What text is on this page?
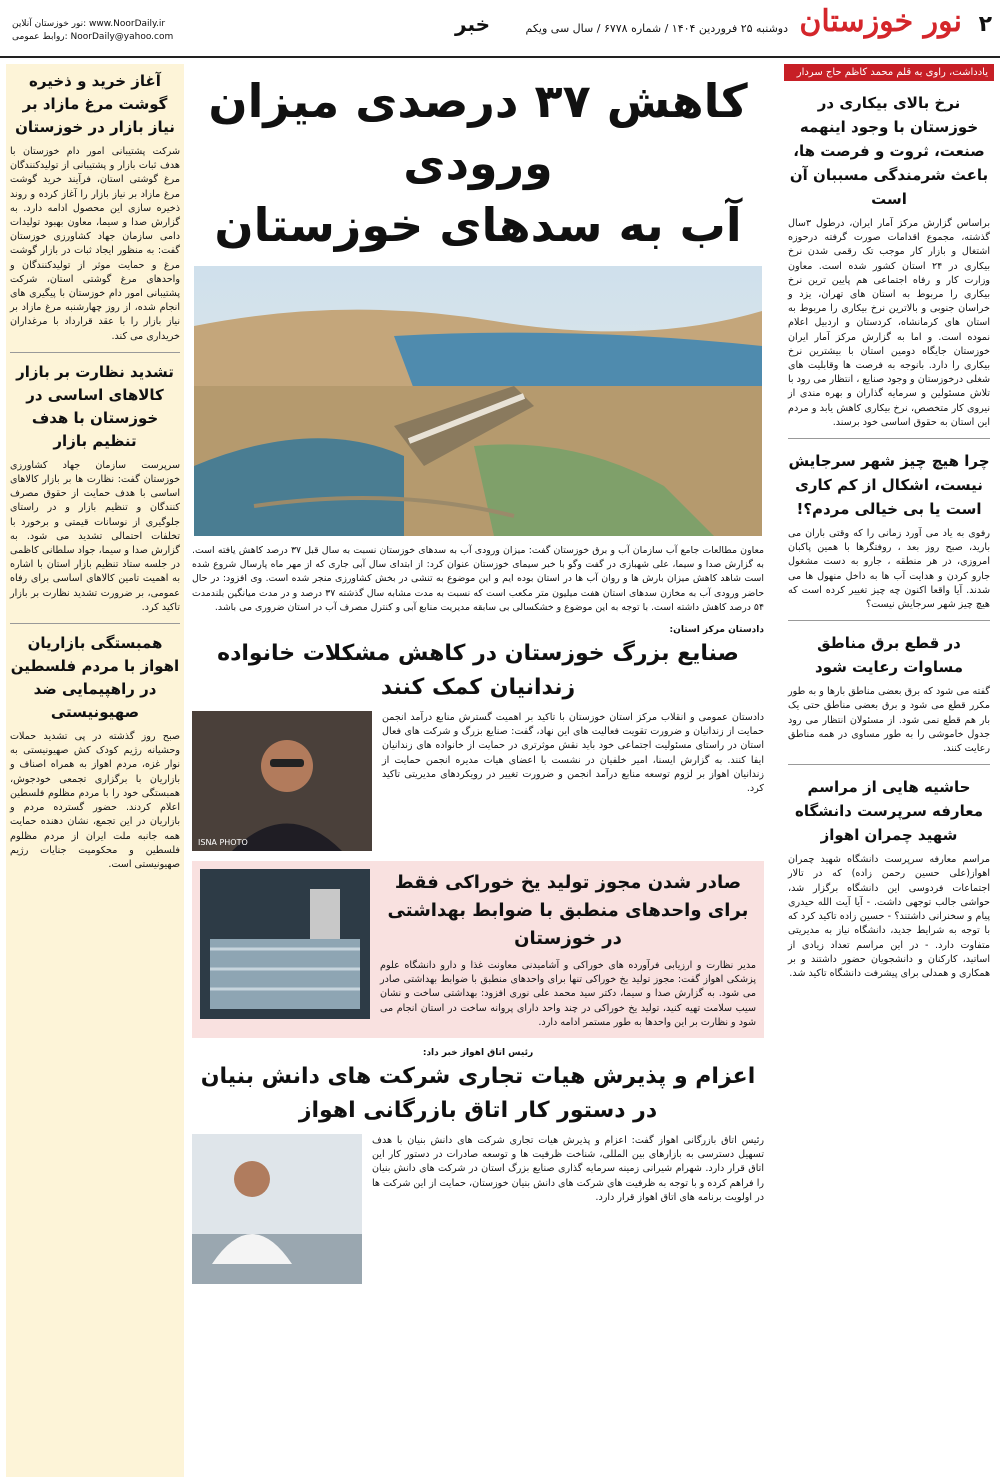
۲
نور خوزستان
دوشنبه ۲۵ فروردین ۱۴۰۴ / شماره ۶۷۷۸ / سال سی ویکم
خبر
نور خوزستان آنلاین: www.NoorDaily.ir
روابط عمومی: NoorDaily@yahoo.com
یادداشت، راوی به قلم محمد کاظم حاج سردار
نرخ بالای بیکاری در خوزستان با وجود اینهمه صنعت، ثروت و فرصت ها، باعث شرمندگی مسببان آن است
براساس گزارش مرکز آمار ایران، درطول ۳سال گذشته، مجموع اقدامات صورت گرفته درحوزه اشتغال و بازار کار موجب تک رقمی شدن نرخ بیکاری در ۲۴ استان کشور شده است. معاون وزارت کار و رفاه اجتماعی هم پایین ترین نرخ بیکاری را مربوط به استان های تهران، یزد و خراسان جنوبی و بالاترین نرخ بیکاری را مربوط به استان های کرمانشاه، کردستان و اردبیل اعلام نموده است. و اما به گزارش مرکز آمار ایران خوزستان جایگاه دومین استان با بیشترین نرخ بیکاری را دارد. بانوجه به فرصت ها وقابلیت های شغلی درخوزستان و وجود صنایع ، انتظار می رود با تلاش مسئولین و سرمایه گذاران و بهره مندی از نیروی کار متخصص، نرخ بیکاری کاهش یابد و مردم این استان به حقوق اساسی خود برسند.
چرا هیچ چیز شهر سرجایش نیست، اشکال از کم کاری است یا بی خیالی مردم؟!
رفوی به یاد می آورد زمانی را که وقتی باران می بارید، صبح روز بعد ، روفتگرها با همین پاکبان امروزی، در هر منطقه ، جارو به دست مشغول جارو کردن و هدایت آب ها به داخل منهول ها می شدند. آیا واقعا اکنون چه چیز تغییر کرده است که هیچ چیز شهر سرجایش نیست؟
در قطع برق مناطق مساوات رعایت شود
گفته می شود که برق بعضی مناطق بارها و به طور مکرر قطع می شود و برق بعضی مناطق حتی یک بار هم قطع نمی شود. از مسئولان انتظار می رود جدول خاموشی را به طور مساوی در همه مناطق رعایت کنند.
حاشیه هایی از مراسم معارفه سرپرست دانشگاه شهید چمران اهواز
مراسم معارفه سرپرست دانشگاه شهید چمران اهواز(علی حسین رحمن زاده) که در تالار اجتماعات فردوسی این دانشگاه برگزار شد، حواشی جالب توجهی داشت. - آیا آیت الله حیدری پیام و سخنرانی داشتند؟ - حسین زاده تاکید کرد که با توجه به شرایط جدید، دانشگاه نیاز به مدیریتی متفاوت دارد. - در این مراسم تعداد زیادی از اساتید، کارکنان و دانشجویان حضور داشتند و بر همکاری و همدلی برای پیشرفت دانشگاه تاکید شد.
آغاز خرید و ذخیره گوشت مرغ مازاد بر نیاز بازار در خوزستان
شرکت پشتیبانی امور دام خوزستان با هدف ثبات بازار و پشتیبانی از تولیدکنندگان مرغ گوشتی استان، فرآیند خرید گوشت مرغ مازاد بر نیاز بازار را آغاز کرده و روند ذخیره سازی این محصول ادامه دارد. به گزارش صدا و سیما، معاون بهبود تولیدات دامی سازمان جهاد کشاورزی خوزستان گفت: به منظور ایجاد ثبات در بازار گوشت مرغ و حمایت موثر از تولیدکنندگان و واحدهای مرغ گوشتی استان، شرکت پشتیبانی امور دام خوزستان با پیگیری های انجام شده، از روز چهارشنبه مرغ مازاد بر نیاز بازار را با عقد قرارداد با مرغداران خریداری می کند.
تشدید نظارت بر بازار کالاهای اساسی در خوزستان با هدف تنظیم بازار
سرپرست سازمان جهاد کشاورزی خوزستان گفت: نظارت ها بر بازار کالاهای اساسی با هدف حمایت از حقوق مصرف کنندگان و تنظیم بازار و در راستای جلوگیری از نوسانات قیمتی و برخورد با تخلفات احتمالی تشدید می شود. به گزارش صدا و سیما، جواد سلطانی کاظمی در جلسه ستاد تنظیم بازار استان با اشاره به اهمیت تامین کالاهای اساسی برای رفاه عمومی، بر ضرورت تشدید نظارت بر بازار تاکید کرد.
همبستگی بازاریان اهواز با مردم فلسطین در راهپیمایی ضد صهیونیستی
صبح روز گذشته در پی تشدید حملات وحشیانه رژیم کودک کش صهیونیستی به نوار غزه، مردم اهواز به همراه اصناف و بازاریان با برگزاری تجمعی خودجوش، همبستگی خود را با مردم مظلوم فلسطین اعلام کردند. حضور گسترده مردم و بازاریان در این تجمع، نشان دهنده حمایت همه جانبه ملت ایران از مردم مظلوم فلسطین و محکومیت جنایات رژیم صهیونیستی است.
کاهش ۳۷ درصدی میزان ورودی
آب به سدهای خوزستان
معاون مطالعات جامع آب سازمان آب و برق خوزستان گفت: میزان ورودی آب به سدهای خوزستان نسبت به سال قبل ۳۷ درصد کاهش یافته است. به گزارش صدا و سیما، علی شهبازی در گفت وگو با خبر سیمای خوزستان عنوان کرد: از ابتدای سال آبی جاری که از مهر ماه پارسال شروع شده است شاهد کاهش میزان بارش ها و روان آب ها در استان بوده ایم و این موضوع به تنشی در بخش کشاورزی منجر شده است. وی افزود: در حال حاضر ورودی آب به مخازن سدهای استان هفت میلیون متر مکعب است که نسبت به مدت مشابه سال گذشته ۳۷ درصد و در مدت میانگین بلندمدت ۵۴ درصد کاهش داشته است. با توجه به این موضوع و خشکسالی بی سابقه مدیریت منابع آبی و کنترل مصرف آب در استان ضروری می باشد.
دادستان مرکز استان:
صنایع بزرگ خوزستان در کاهش مشکلات خانواده زندانیان کمک کنند
دادستان عمومی و انقلاب مرکز استان خوزستان با تاکید بر اهمیت گسترش منابع درآمد انجمن حمایت از زندانیان و ضرورت تقویت فعالیت های این نهاد، گفت: صنایع بزرگ و شرکت های فعال استان در راستای مسئولیت اجتماعی خود باید نقش موثرتری در حمایت از خانواده های زندانیان ایفا کنند. به گزارش ایسنا، امیر خلفیان در نشست با اعضای هیات مدیره انجمن حمایت از زندانیان اهواز بر لزوم توسعه منابع درآمد انجمن و ضرورت تغییر در رویکردهای مدیریتی تاکید کرد.
ISNA PHOTO
صادر شدن مجوز تولید یخ خوراکی فقط برای واحدهای منطبق با ضوابط بهداشتی در خوزستان
مدیر نظارت و ارزیابی فرآورده های خوراکی و آشامیدنی معاونت غذا و دارو دانشگاه علوم پزشکی اهواز گفت: مجوز تولید یخ خوراکی تنها برای واحدهای منطبق با ضوابط بهداشتی صادر می شود. به گزارش صدا و سیما، دکتر سید محمد علی نوری افزود: بهداشتی ساخت و نشان سیب سلامت تهیه کنید، تولید یخ خوراکی در چند واحد دارای پروانه ساخت در استان انجام می شود و نظارت بر این واحدها به طور مستمر ادامه دارد.
رئیس اتاق اهواز خبر داد:
اعزام و پذیرش هیات تجاری شرکت های دانش بنیان در دستور کار اتاق بازرگانی اهواز
رئیس اتاق بازرگانی اهواز گفت: اعزام و پذیرش هیات تجاری شرکت های دانش بنیان با هدف تسهیل دسترسی به بازارهای بین المللی، شناخت ظرفیت ها و توسعه صادرات در دستور کار این اتاق قرار دارد. شهرام شیرانی زمینه سرمایه گذاری صنایع بزرگ استان در شرکت های دانش بنیان را فراهم کرده و با توجه به ظرفیت های شرکت های دانش بنیان خوزستان، حمایت از این شرکت ها در اولویت برنامه های اتاق اهواز قرار دارد.
